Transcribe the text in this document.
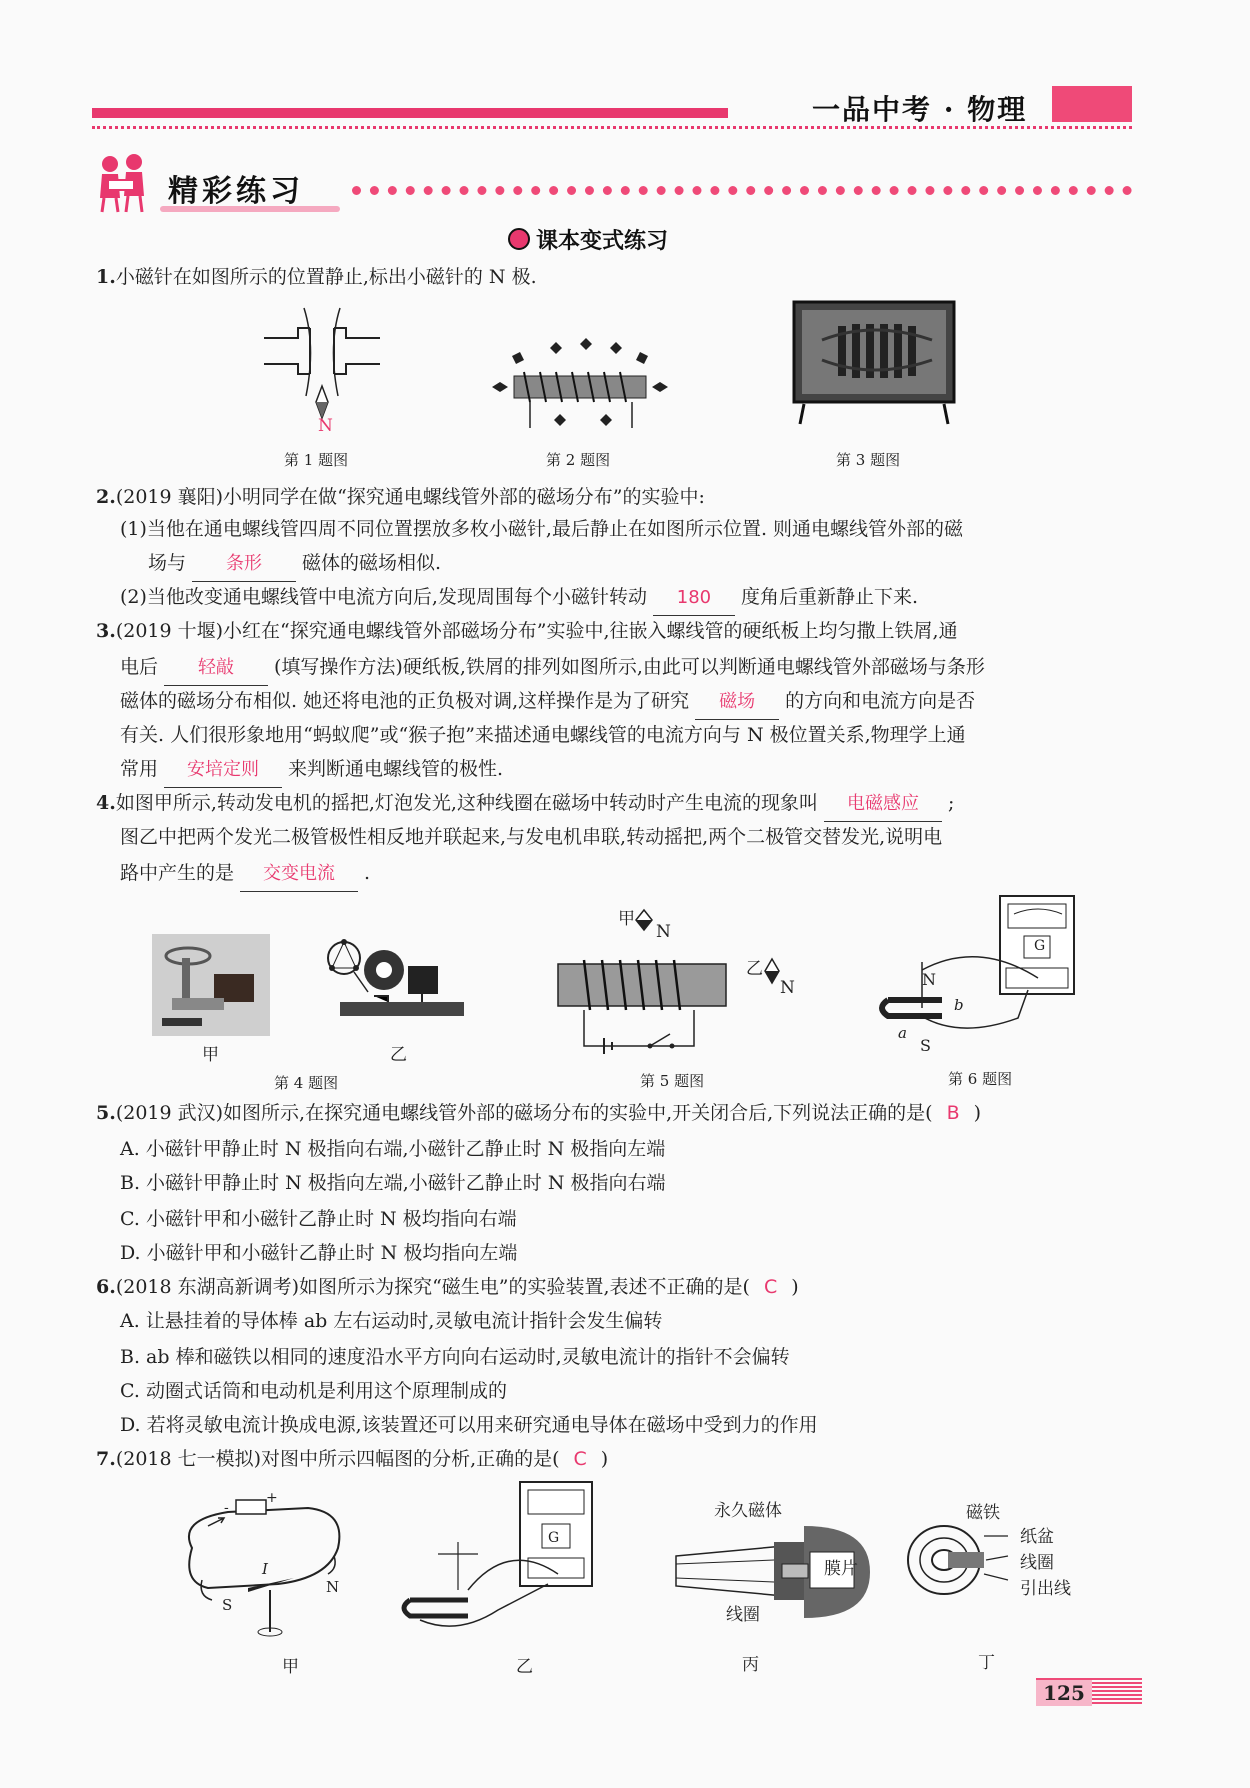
一品中考 · 物理
精彩练习
课本变式练习
1.小磁针在如图所示的位置静止,标出小磁针的 N 极.
N
第 1 题图	第 2 题图	第 3 题图
2.(2019 襄阳)小明同学在做“探究通电螺线管外部的磁场分布”的实验中:
(1)当他在通电螺线管四周不同位置摆放多枚小磁针,最后静止在如图所示位置. 则通电螺线管外部的磁
场与 条形 磁体的磁场相似.
(2)当他改变通电螺线管中电流方向后,发现周围每个小磁针转动 180 度角后重新静止下来.
3.(2019 十堰)小红在“探究通电螺线管外部磁场分布”实验中,往嵌入螺线管的硬纸板上均匀撒上铁屑,通
电后 轻敲 (填写操作方法)硬纸板,铁屑的排列如图所示,由此可以判断通电螺线管外部磁场与条形
磁体的磁场分布相似. 她还将电池的正负极对调,这样操作是为了研究 磁场 的方向和电流方向是否
有关. 人们很形象地用“蚂蚁爬”或“猴子抱”来描述通电螺线管的电流方向与 N 极位置关系,物理学上通
常用 安培定则 来判断通电螺线管的极性.
4.如图甲所示,转动发电机的摇把,灯泡发光,这种线圈在磁场中转动时产生电流的现象叫 电磁感应 ;
图乙中把两个发光二极管极性相反地并联起来,与发电机串联,转动摇把,两个二极管交替发光,说明电
路中产生的是 交变电流 .
甲	乙
第 4 题图
甲
N
乙
N
第 5 题图
G
N
b
a
S
第 6 题图
5.(2019 武汉)如图所示,在探究通电螺线管外部的磁场分布的实验中,开关闭合后,下列说法正确的是( B )
A. 小磁针甲静止时 N 极指向右端,小磁针乙静止时 N 极指向左端
B. 小磁针甲静止时 N 极指向左端,小磁针乙静止时 N 极指向右端
C. 小磁针甲和小磁针乙静止时 N 极均指向右端
D. 小磁针甲和小磁针乙静止时 N 极均指向左端
6.(2018 东湖高新调考)如图所示为探究“磁生电”的实验装置,表述不正确的是( C )
A. 让悬挂着的导体棒 ab 左右运动时,灵敏电流计指针会发生偏转
B. ab 棒和磁铁以相同的速度沿水平方向向右运动时,灵敏电流计的指针不会偏转
C. 动圈式话筒和电动机是利用这个原理制成的
D. 若将灵敏电流计换成电源,该装置还可以用来研究通电导体在磁场中受到力的作用
7.(2018 七一模拟)对图中所示四幅图的分析,正确的是( C )
+
-
I
S
N
甲
G
乙
永久磁体
膜片
线圈
丙
磁铁
纸盆
线圈
引出线
丁
125
